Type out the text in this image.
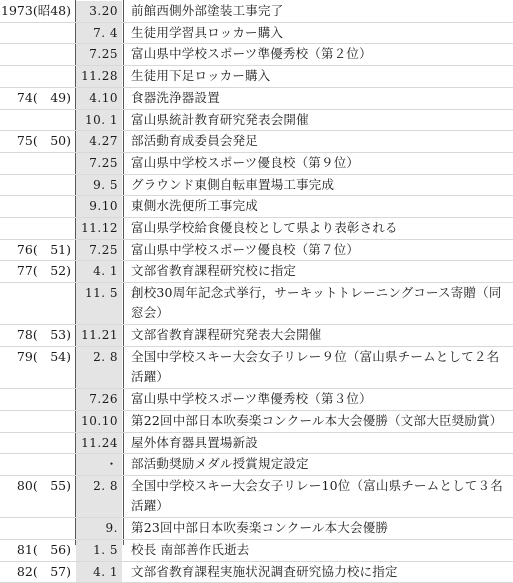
1973(昭48)	3.20	前館西側外部塗装工事完了
7. 4	生徒用学習具ロッカー購入
7.25	富山県中学校スポーツ準優秀校（第２位）
11.28	生徒用下足ロッカー購入
74(　49)	4.10	食器洗浄器設置
10. 1	富山県統計教育研究発表会開催
75(　50)	4.27	部活動育成委員会発足
7.25	富山県中学校スポーツ優良校（第９位）
9. 5	グラウンド東側自転車置場工事完成
9.10	東側水洗便所工事完成
11.12	富山県学校給食優良校として県より表彰される
76(　51)	7.25	富山県中学校スポーツ優良校（第７位）
77(　52)	4. 1	文部省教育課程研究校に指定
11. 5	創校30周年記念式挙行，サーキットトレーニングコース寄贈（同窓会）
78(　53) 11.21	文部省教育課程研究発表大会開催
79(　54)	2. 8	全国中学校スキー大会女子リレー９位（富山県チームとして２名活躍）
7.26	富山県中学校スポーツ準優秀校（第３位）
10.10	第22回中部日本吹奏楽コンクール本大会優勝（文部大臣奨励賞）
11.24	屋外体育器具置場新設
・	部活動奨励メダル授賞規定設定
80(　55)	2. 8	全国中学校スキー大会女子リレー10位（富山県チームとして３名活躍）
9.	第23回中部日本吹奏楽コンクール本大会優勝
81(　56)	1. 5	校長 南部善作氏逝去
82(　57)	4. 1	文部省教育課程実施状況調査研究協力校に指定
